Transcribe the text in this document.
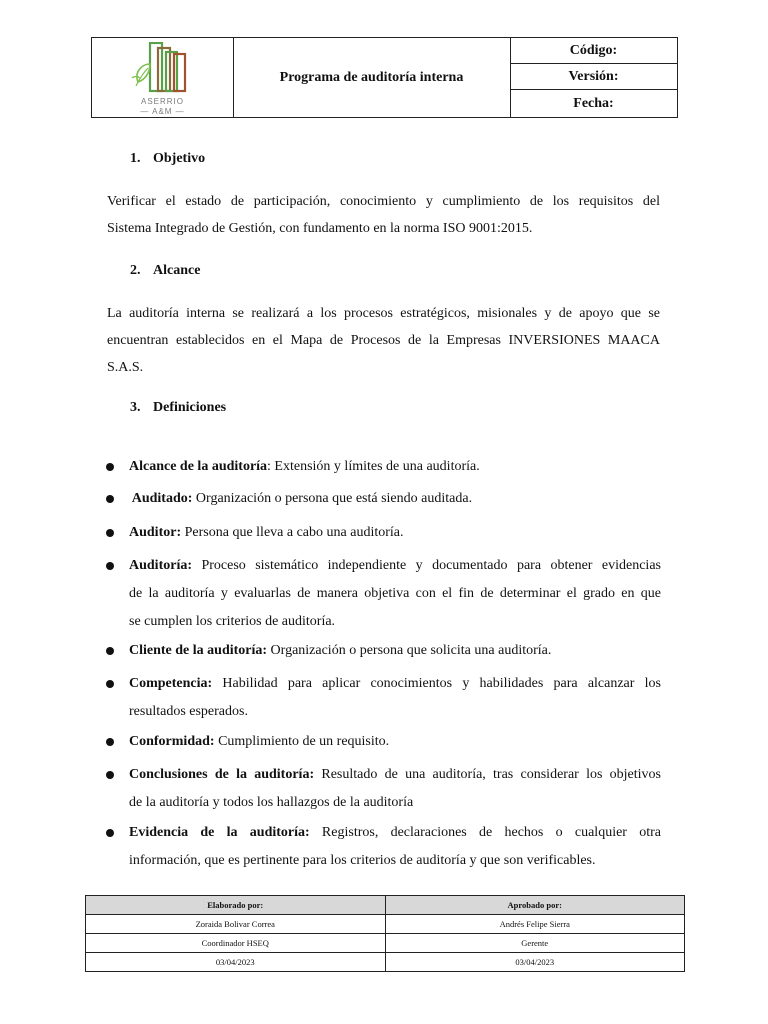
ASERRIO
— A&M —
Programa de auditoría interna
Código:
Versión:
Fecha:
1. Objetivo
Verificar el estado de participación, conocimiento y cumplimiento de los requisitos del
Sistema Integrado de Gestión, con fundamento en la norma ISO 9001:2015.
2. Alcance
La auditoría interna se realizará a los procesos estratégicos, misionales y de apoyo que se
encuentran establecidos en el Mapa de Procesos de la Empresas INVERSIONES MAACA
S.A.S.
3. Definiciones
Alcance de la auditoría: Extensión y límites de una auditoría.
Auditado: Organización o persona que está siendo auditada.
Auditor: Persona que lleva a cabo una auditoría.
Auditoría: Proceso sistemático independiente y documentado para obtener evidencias
de la auditoría y evaluarlas de manera objetiva con el fin de determinar el grado en que
se cumplen los criterios de auditoría.
Cliente de la auditoría: Organización o persona que solicita una auditoría.
Competencia: Habilidad para aplicar conocimientos y habilidades para alcanzar los
resultados esperados.
Conformidad: Cumplimiento de un requisito.
Conclusiones de la auditoría: Resultado de una auditoría, tras considerar los objetivos
de la auditoría y todos los hallazgos de la auditoría
Evidencia de la auditoría: Registros, declaraciones de hechos o cualquier otra
información, que es pertinente para los criterios de auditoría y que son verificables.
Elaborado por:	Aprobado por:
Zoraida Bolivar Correa	Andrés Felipe Sierra
Coordinador HSEQ	Gerente
03/04/2023	03/04/2023
